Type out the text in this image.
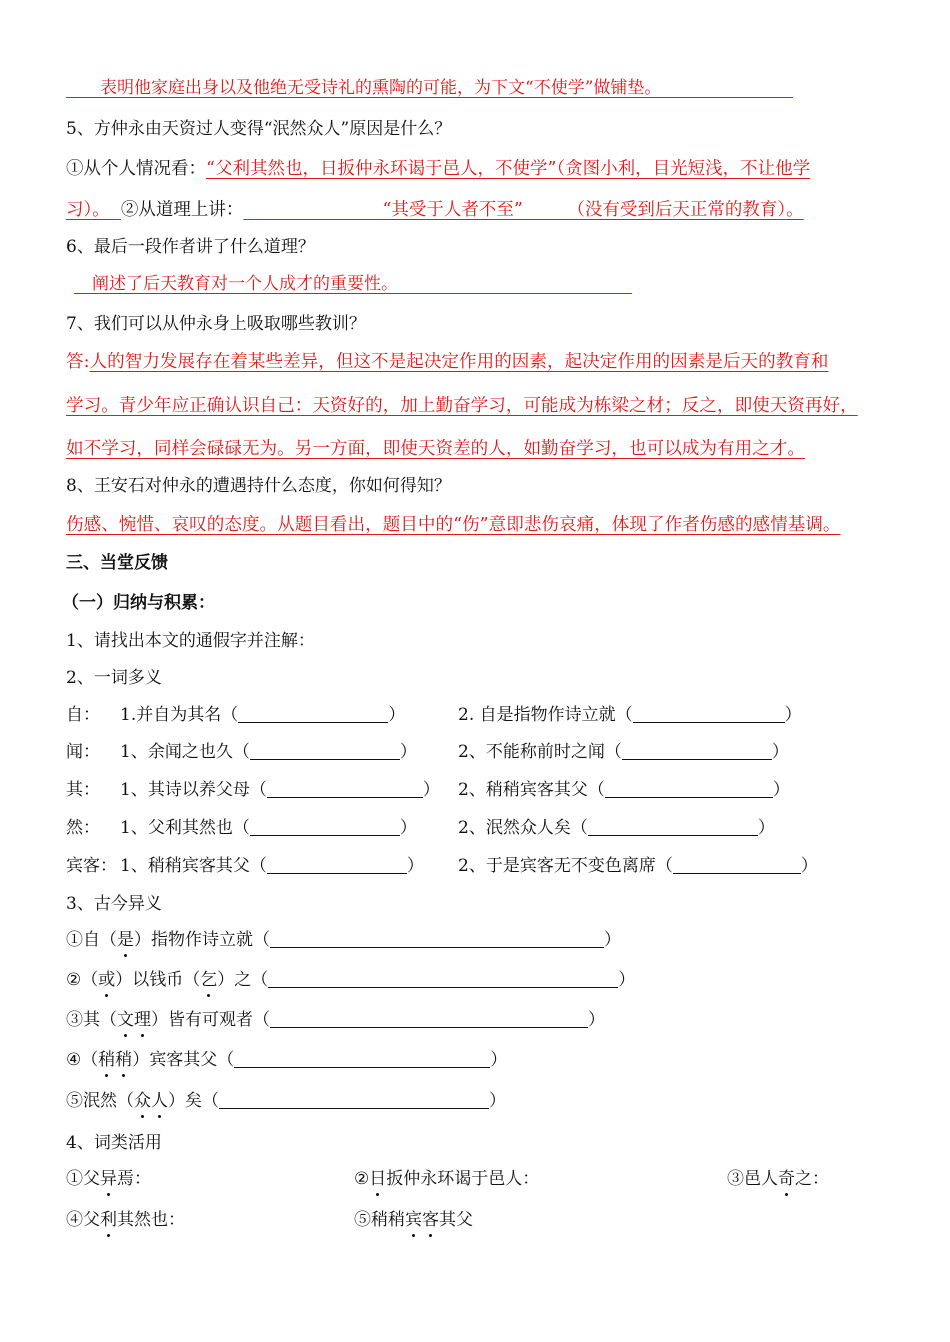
表明他家庭出身以及他绝无受诗礼的熏陶的可能，为下文“不使学”做铺垫。
5、方仲永由天资过人变得“泯然众人”原因是什么？
①从个人情况看：“父利其然也，日扳仲永环谒于邑人，不使学”（贪图小利，目光短浅，不让他学
习）。 ②从道理上讲：	“其受于人者不至”	（没有受到后天正常的教育）。
6、最后一段作者讲了什么道理？
阐述了后天教育对一个人成才的重要性。
7、我们可以从仲永身上吸取哪些教训？
答:人的智力发展存在着某些差异，但这不是起决定作用的因素，起决定作用的因素是后天的教育和
学习。青少年应正确认识自己：天资好的，加上勤奋学习，可能成为栋梁之材；反之，即使天资再好，
如不学习，同样会碌碌无为。另一方面，即使天资差的人，如勤奋学习，也可以成为有用之才。
8、王安石对仲永的遭遇持什么态度，你如何得知？
伤感、惋惜、哀叹的态度。从题目看出，题目中的“伤”意即悲伤哀痛，体现了作者伤感的感情基调。
三、当堂反馈
（一）归纳与积累：
1、请找出本文的通假字并注解：
2、一词多义
自： 1.并自为其名（	）	2. 自是指物作诗立就（	）
闻： 1、余闻之也久（	） 2、不能称前时之闻（	）
其： 1、其诗以养父母（	） 2、稍稍宾客其父（	）
然： 1、父利其然也（	） 2、泯然众人矣（	）
宾客： 1、稍稍宾客其父（	） 2、于是宾客无不变色离席（	）
3、古今异义
①自（是）指物作诗立就（	）
②（或）以钱币（乞）之（	）
③其（文理）皆有可观者（	）
④（稍稍）宾客其父（	）
⑤泯然（众人）矣（	）
4、词类活用
①父异焉：	②日扳仲永环谒于邑人：	③邑人奇之：
④父利其然也：	⑤稍稍宾客其父
